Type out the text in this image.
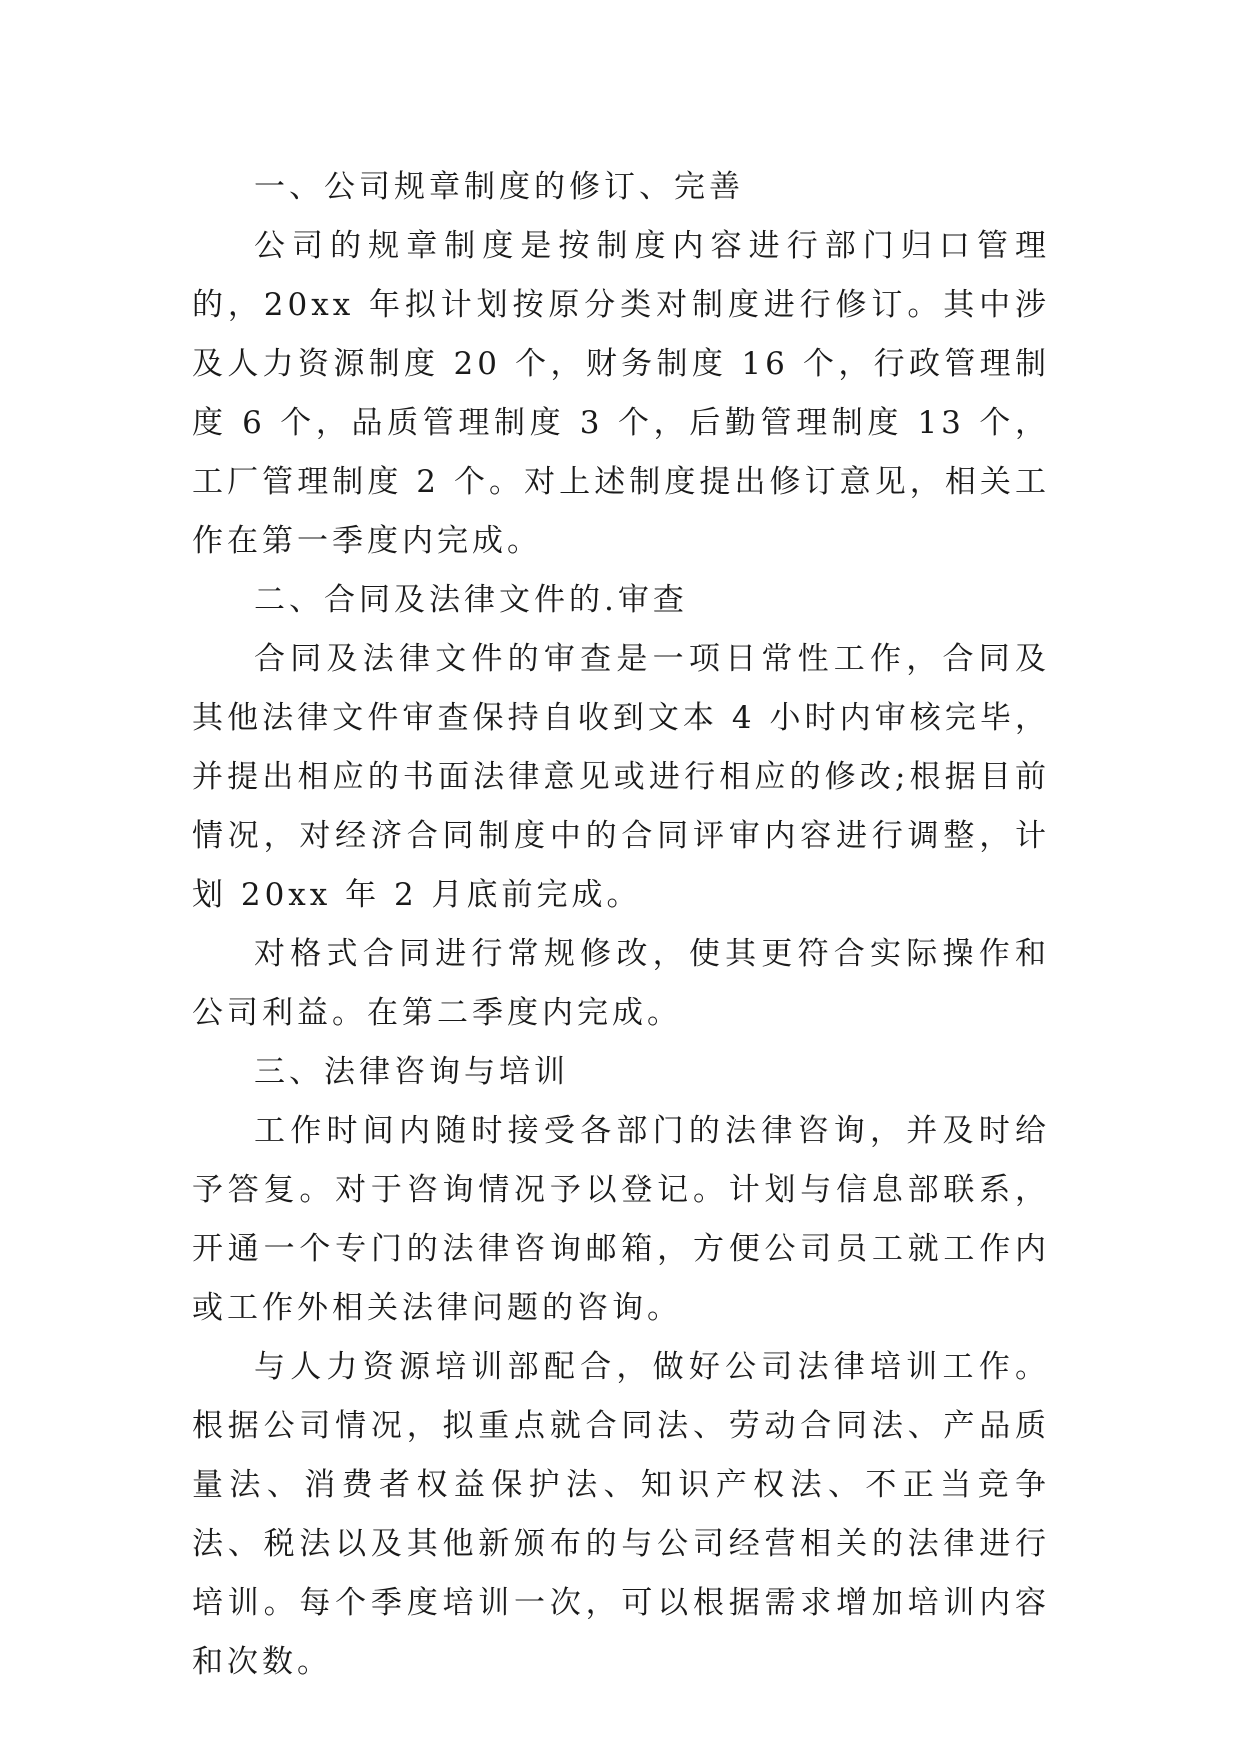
一、公司规章制度的修订、完善

公司的规章制度是按制度内容进行部门归口管理的，20xx 年拟计划按原分类对制度进行修订。其中涉及人力资源制度 20 个，财务制度 16 个，行政管理制度 6 个，品质管理制度 3 个，后勤管理制度 13 个，工厂管理制度 2 个。对上述制度提出修订意见，相关工作在第一季度内完成。

二、合同及法律文件的.审查

合同及法律文件的审查是一项日常性工作，合同及其他法律文件审查保持自收到文本 4 小时内审核完毕，并提出相应的书面法律意见或进行相应的修改;根据目前情况，对经济合同制度中的合同评审内容进行调整，计划 20xx 年 2 月底前完成。

对格式合同进行常规修改，使其更符合实际操作和公司利益。在第二季度内完成。

三、法律咨询与培训

工作时间内随时接受各部门的法律咨询，并及时给予答复。对于咨询情况予以登记。计划与信息部联系，开通一个专门的法律咨询邮箱，方便公司员工就工作内或工作外相关法律问题的咨询。

与人力资源培训部配合，做好公司法律培训工作。根据公司情况，拟重点就合同法、劳动合同法、产品质量法、消费者权益保护法、知识产权法、不正当竞争法、税法以及其他新颁布的与公司经营相关的法律进行培训。每个季度培训一次，可以根据需求增加培训内容和次数。
